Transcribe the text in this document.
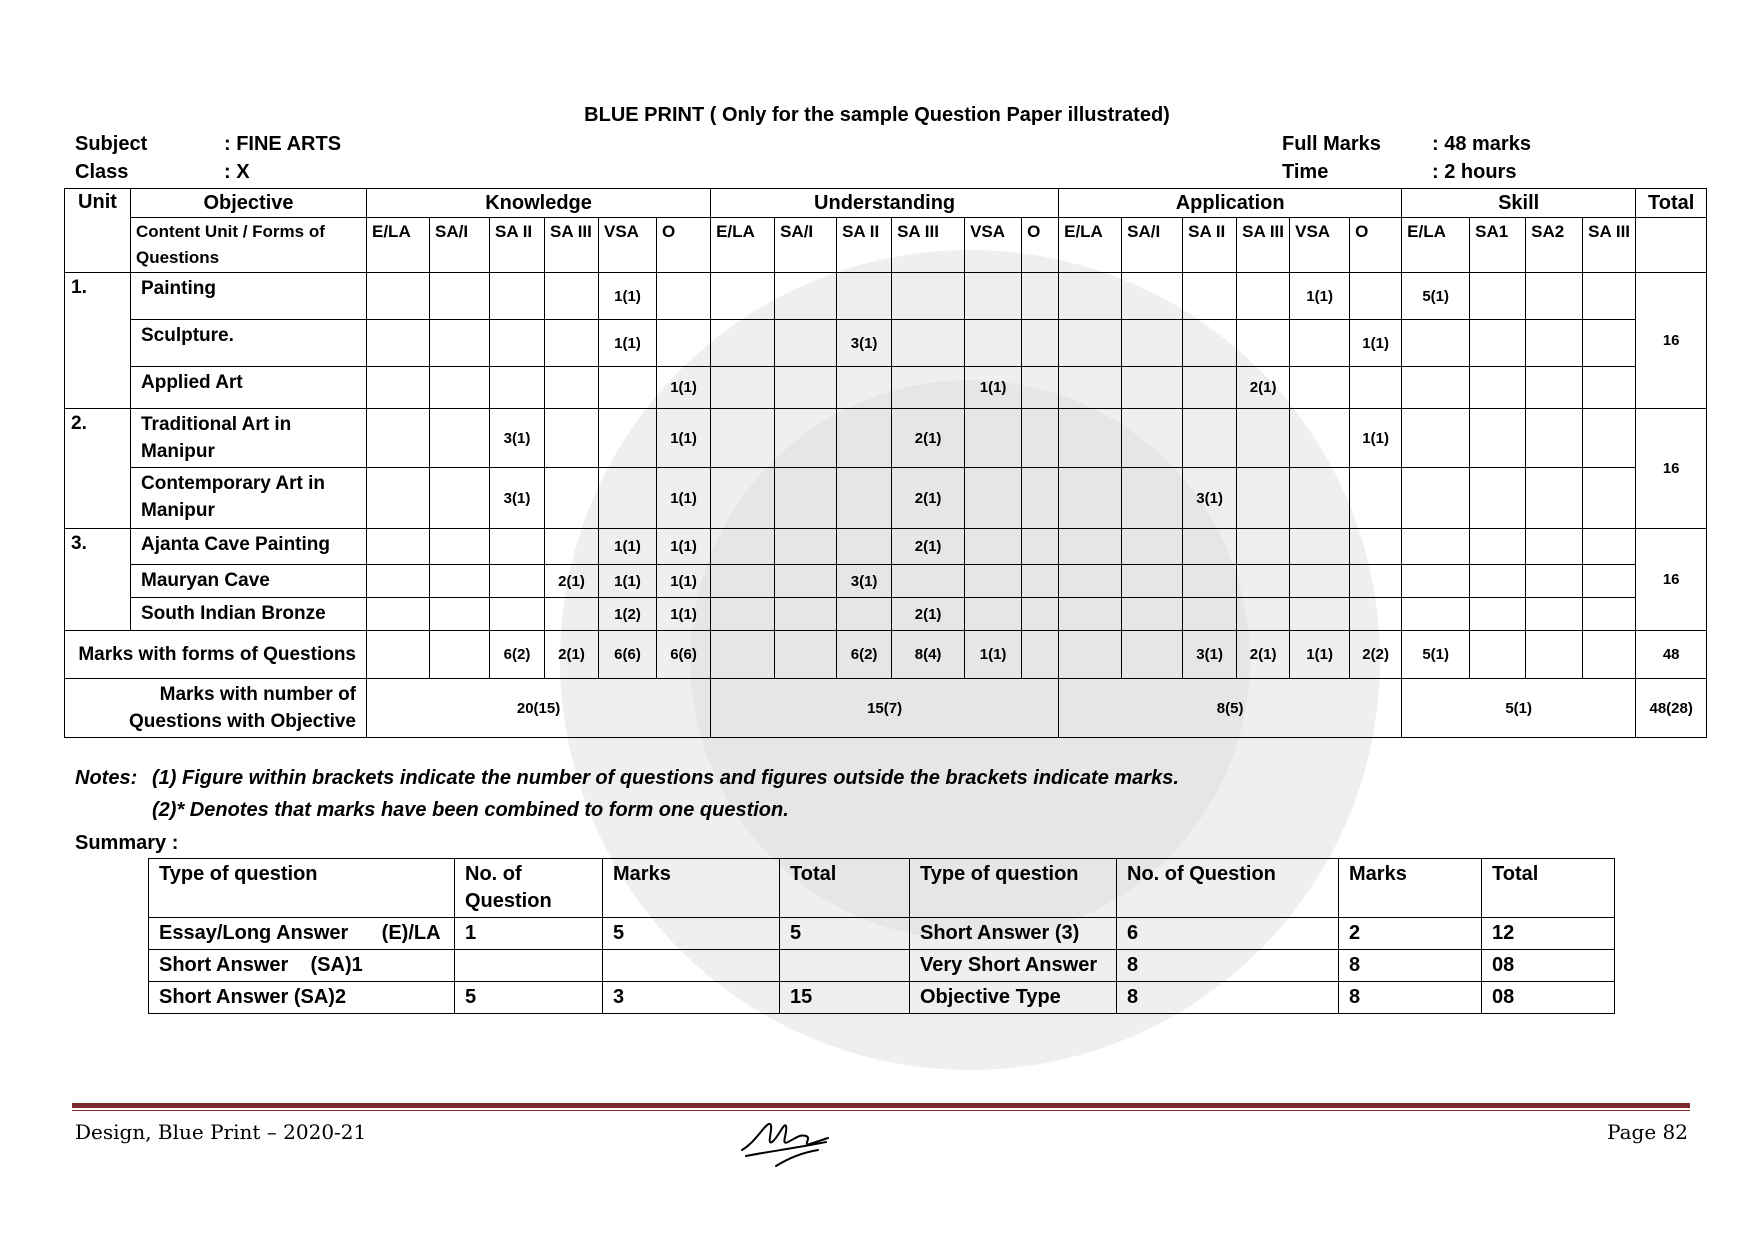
BLUE PRINT ( Only for the sample Question Paper illustrated)
Subject	: FINE ARTS
Class	: X
Full Marks	: 48 marks
Time	: 2 hours
Unit	Objective	Knowledge						Understanding						Application						Skill				Total
	Content Unit / Forms of Questions	E/LA	SA/I	SA II	SA III	VSA	O	E/LA	SA/I	SA II	SA III	VSA	O	E/LA	SA/I	SA II	SA III	VSA	O	E/LA	SA1	SA2	SA III	
1.	Painting					1(1)												1(1)		5(1)				16
	Sculpture.					1(1)				3(1)									1(1)					
	Applied Art						1(1)					1(1)					2(1)							
2.	Traditional Art in Manipur			3(1)			1(1)				2(1)								1(1)					16
	Contemporary Art in Manipur			3(1)			1(1)				2(1)					3(1)								
3.	Ajanta Cave Painting					1(1)	1(1)				2(1)													16
	Mauryan Cave				2(1)	1(1)	1(1)			3(1)														
	South Indian Bronze					1(2)	1(1)				2(1)													
Marks with forms of Questions				6(2)	2(1)	6(6)	6(6)			6(2)	8(4)	1(1)				3(1)	2(1)	1(1)	2(2)	5(1)				48
Marks with number of Questions with Objective		20(15)						15(7)						8(5)						5(1)				48(28)
Notes: (1) Figure within brackets indicate the number of questions and figures outside the brackets indicate marks.
(2)* Denotes that marks have been combined to form one question.
Summary :
Type of question	No. of Question	Marks	Total	Type of question	No. of Question	Marks	Total
Essay/Long Answer      (E)/LA	1	5	5	Short Answer (3)	6	2	12
Short Answer    (SA)1				Very Short Answer	8	8	08
Short Answer (SA)2	5	3	15	Objective Type	8	8	08
Design, Blue Print – 2020-21	Page 82
